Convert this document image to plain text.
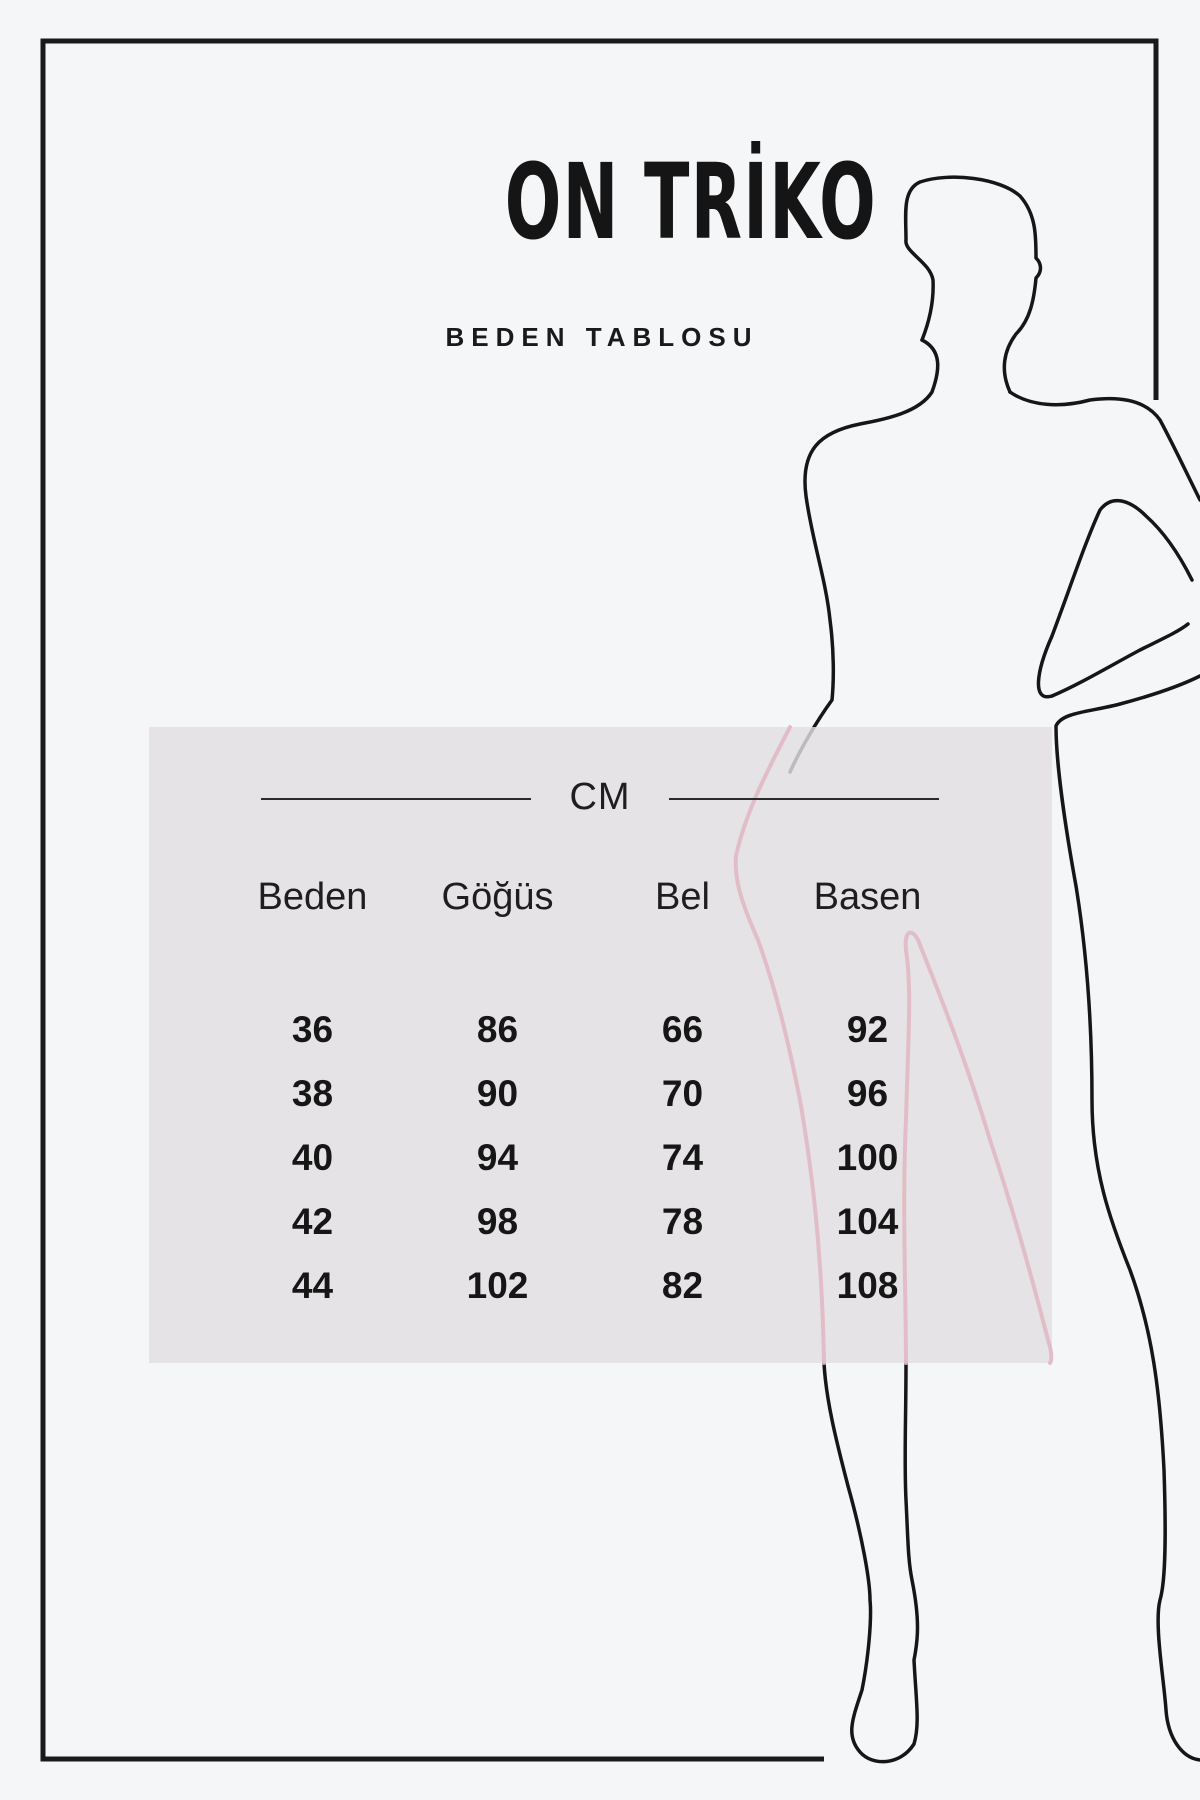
ON TRİKO
BEDEN TABLOSU
CM
Beden	Göğüs	Bel	Basen
36	86	66	92
38	90	70	96
40	94	74	100
42	98	78	104
44	102	82	108
